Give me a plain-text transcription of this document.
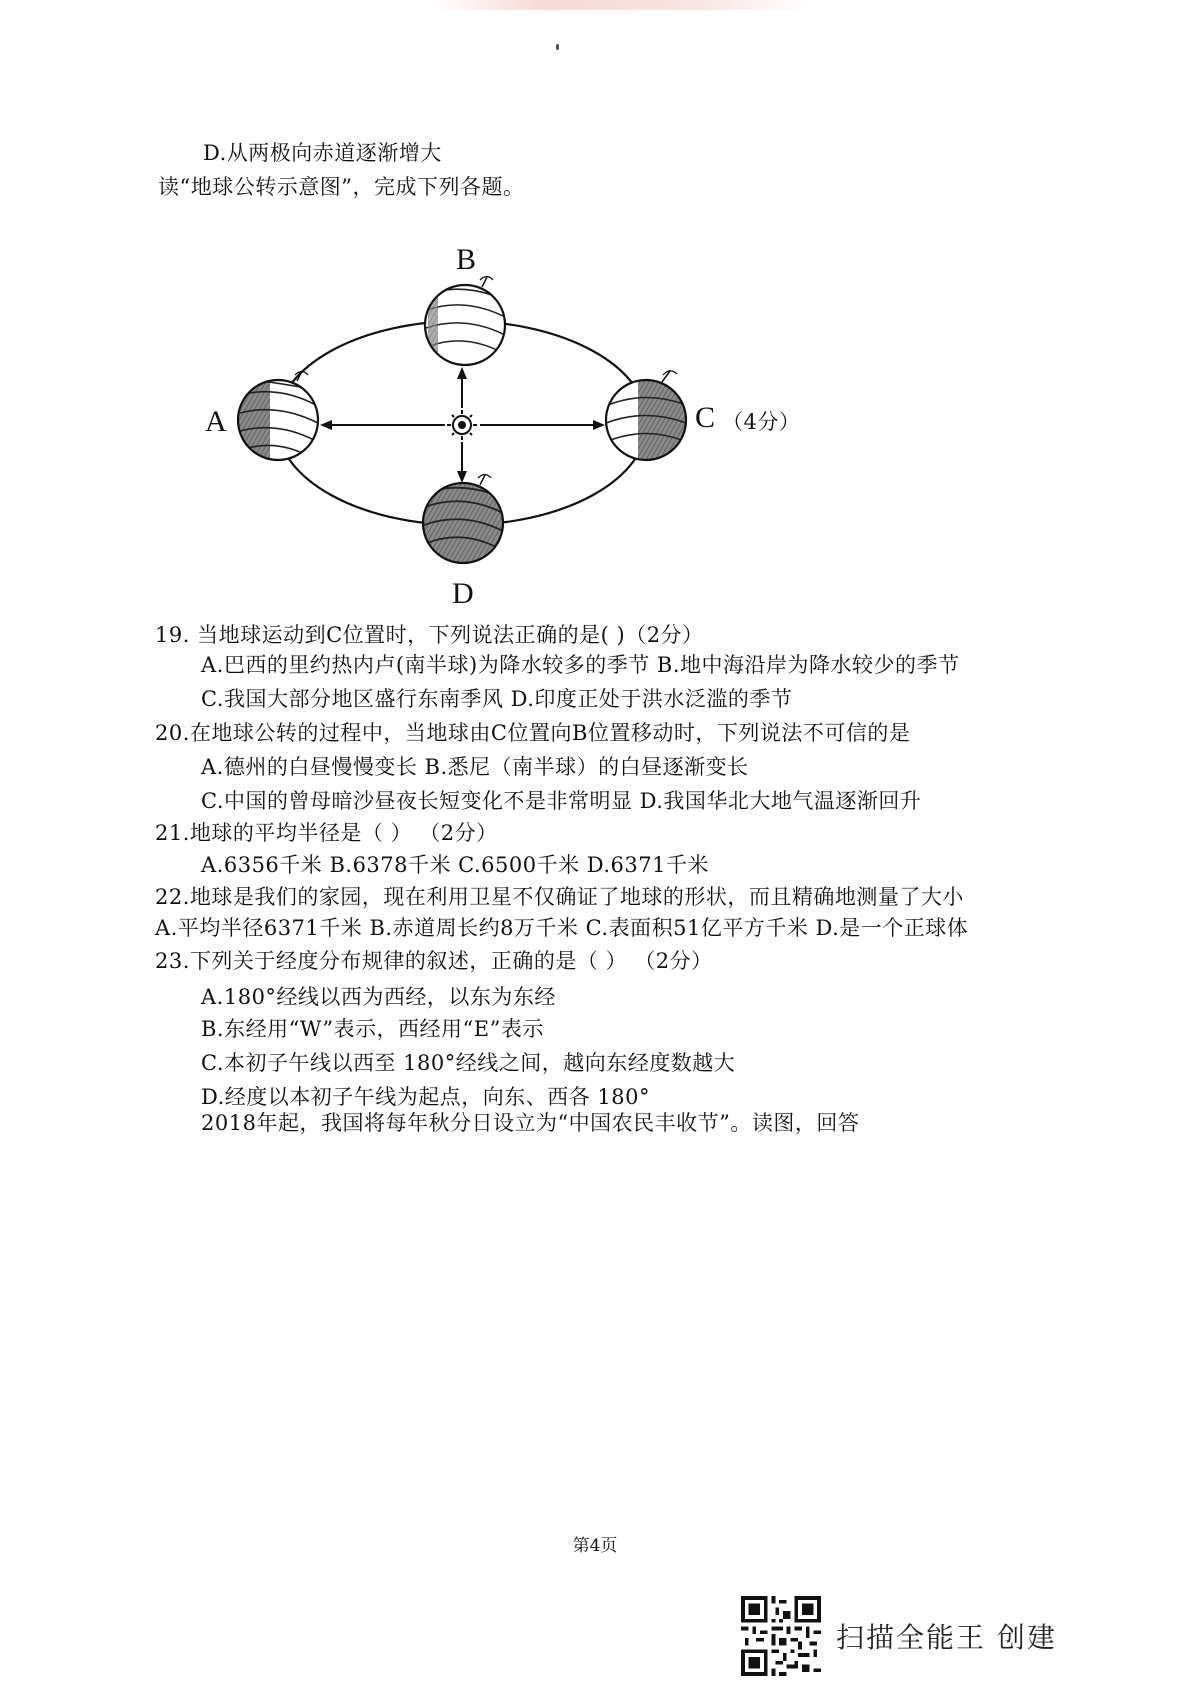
D.从两极向赤道逐渐增大
读“地球公转示意图”，完成下列各题。
B
A	C （4分）
D
19. 当地球运动到C位置时，下列说法正确的是( )（2分）
A.巴西的里约热内卢(南半球)为降水较多的季节 B.地中海沿岸为降水较少的季节
C.我国大部分地区盛行东南季风 D.印度正处于洪水泛滥的季节
20.在地球公转的过程中，当地球由C位置向B位置移动时，下列说法不可信的是
A.德州的白昼慢慢变长 B.悉尼（南半球）的白昼逐渐变长
C.中国的曾母暗沙昼夜长短变化不是非常明显 D.我国华北大地气温逐渐回升
21.地球的平均半径是（ ） （2分）
A.6356千米 B.6378千米 C.6500千米 D.6371千米
22.地球是我们的家园，现在利用卫星不仅确证了地球的形状，而且精确地测量了大小
A.平均半径6371千米 B.赤道周长约8万千米 C.表面积51亿平方千米 D.是一个正球体
23.下列关于经度分布规律的叙述，正确的是（ ） （2分）
A.180°经线以西为西经，以东为东经
B.东经用“W”表示，西经用“E”表示
C.本初子午线以西至 180°经线之间，越向东经度数越大
D.经度以本初子午线为起点，向东、西各 180°
2018年起，我国将每年秋分日设立为“中国农民丰收节”。读图，回答
第4页
扫描全能王 创建
